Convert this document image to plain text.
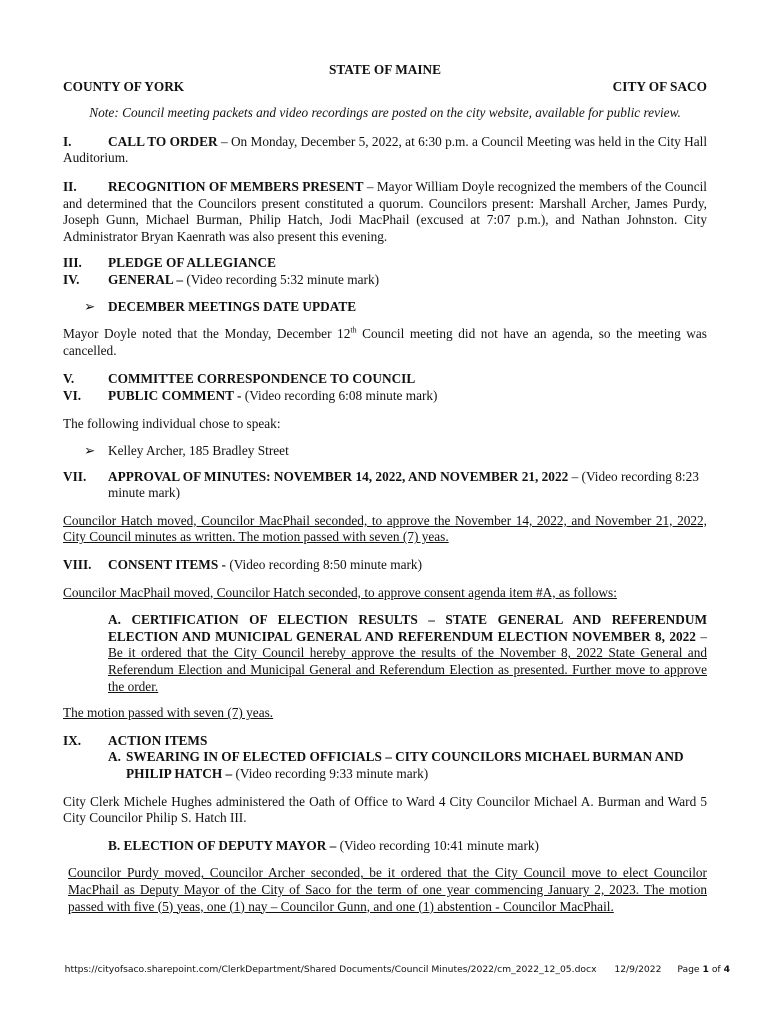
STATE OF MAINE
COUNTY OF YORK	CITY OF SACO
Note: Council meeting packets and video recordings are posted on the city website, available for public review.

I.	CALL TO ORDER – On Monday, December 5, 2022, at 6:30 p.m. a Council Meeting was held in the City Hall Auditorium.

II. RECOGNITION OF MEMBERS PRESENT – Mayor William Doyle recognized the members of the Council and determined that the Councilors present constituted a quorum. Councilors present: Marshall Archer, James Purdy, Joseph Gunn, Michael Burman, Philip Hatch, Jodi MacPhail (excused at 7:07 p.m.), and Nathan Johnston. City Administrator Bryan Kaenrath was also present this evening.

III. PLEDGE OF ALLEGIANCE
IV. GENERAL – (Video recording 5:32 minute mark)
➢ DECEMBER MEETINGS DATE UPDATE

Mayor Doyle noted that the Monday, December 12th Council meeting did not have an agenda, so the meeting was cancelled.

V.	COMMITTEE CORRESPONDENCE TO COUNCIL
VI. PUBLIC COMMENT - (Video recording 6:08 minute mark)

The following individual chose to speak:

➢ Kelley Archer, 185 Bradley Street
VII.	APPROVAL OF MINUTES: NOVEMBER 14, 2022, AND NOVEMBER 21, 2022 – (Video recording 8:23 minute mark)

Councilor Hatch moved, Councilor MacPhail seconded, to approve the November 14, 2022, and November 21, 2022, City Council minutes as written. The motion passed with seven (7) yeas.

VIII. CONSENT ITEMS - (Video recording 8:50 minute mark)

Councilor MacPhail moved, Councilor Hatch seconded, to approve consent agenda item #A, as follows:

A. CERTIFICATION OF ELECTION RESULTS – STATE GENERAL AND REFERENDUM ELECTION AND MUNICIPAL GENERAL AND REFERENDUM ELECTION NOVEMBER 8, 2022 – Be it ordered that the City Council hereby approve the results of the November 8, 2022 State General and Referendum Election and Municipal General and Referendum Election as presented. Further move to approve the order.

The motion passed with seven (7) yeas.

IX. ACTION ITEMS
A. SWEARING IN OF ELECTED OFFICIALS – CITY COUNCILORS MICHAEL BURMAN AND PHILIP HATCH – (Video recording 9:33 minute mark)

City Clerk Michele Hughes administered the Oath of Office to Ward 4 City Councilor Michael A. Burman and Ward 5 City Councilor Philip S. Hatch III.

B. ELECTION OF DEPUTY MAYOR – (Video recording 10:41 minute mark)

Councilor Purdy moved, Councilor Archer seconded, be it ordered that the City Council move to elect Councilor MacPhail as Deputy Mayor of the City of Saco for the term of one year commencing January 2, 2023. The motion passed with five (5) yeas, one (1) nay – Councilor Gunn, and one (1) abstention - Councilor MacPhail.

https://cityofsaco.sharepoint.com/ClerkDepartment/Shared Documents/Council Minutes/2022/cm_2022_12_05.docx 12/9/2022 Page 1 of 4
